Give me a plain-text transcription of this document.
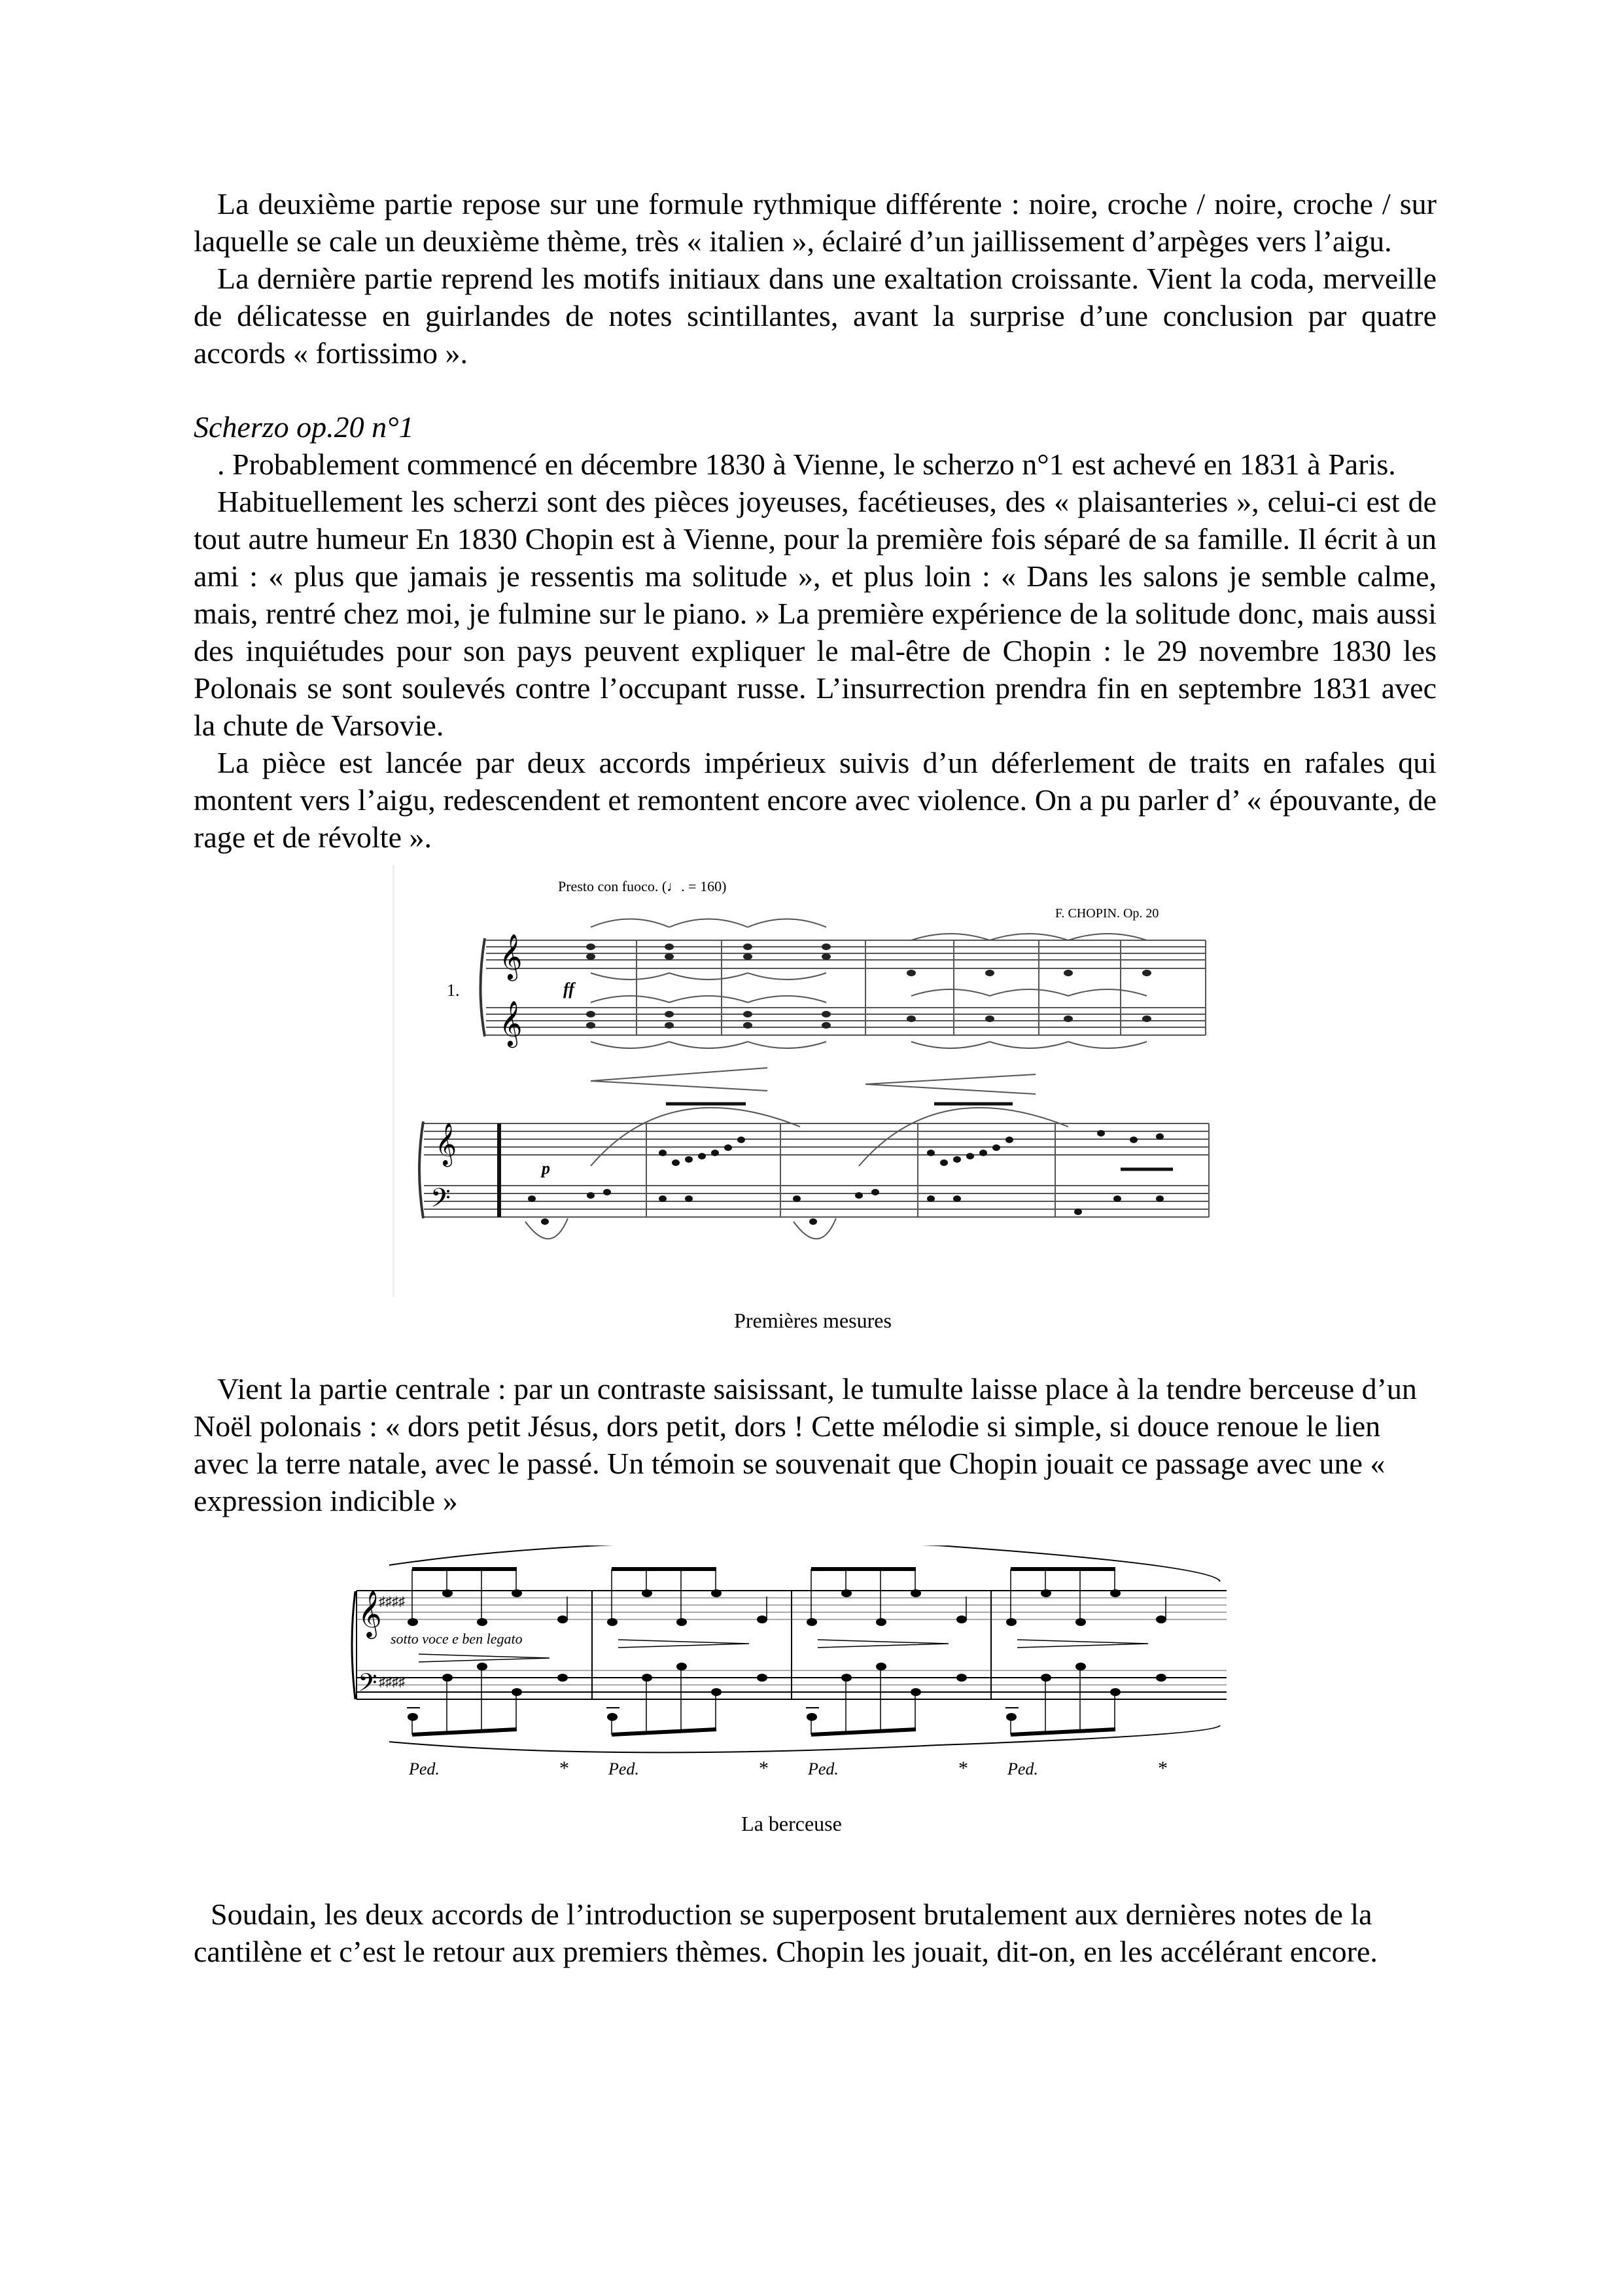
La deuxième partie repose sur une formule rythmique différente : noire, croche / noire, croche / sur laquelle se cale un deuxième thème, très « italien », éclairé d’un jaillissement d’arpèges vers l’aigu.

La dernière partie reprend les motifs initiaux dans une exaltation croissante. Vient la coda, merveille de délicatesse en guirlandes de notes scintillantes, avant la surprise d’une conclusion par quatre accords « fortissimo ».

Scherzo op.20 n°1

. Probablement commencé en décembre 1830 à Vienne, le scherzo n°1 est achevé en 1831 à Paris.

Habituellement les scherzi sont des pièces joyeuses, facétieuses, des « plaisanteries », celui-ci est de tout autre humeur En 1830 Chopin est à Vienne, pour la première fois séparé de sa famille. Il écrit à un ami : « plus que jamais je ressentis ma solitude », et plus loin : « Dans les salons je semble calme, mais, rentré chez moi, je fulmine sur le piano. » La première expérience de la solitude donc, mais aussi des inquiétudes pour son pays peuvent expliquer le mal-être de Chopin : le 29 novembre 1830 les Polonais se sont soulevés contre l’occupant russe. L’insurrection prendra fin en septembre 1831 avec la chute de Varsovie.

La pièce est lancée par deux accords impérieux suivis d’un déferlement de traits en rafales qui montent vers l’aigu, redescendent et remontent encore avec violence. On a pu parler d’ « épouvante, de rage et de révolte ».

𝄞
𝄞
1.
Presto con fuoco. (♩. = 160)
F. CHOPIN. Op. 20
ff
𝄞
𝄢
p

Premières mesures

Vient la partie centrale : par un contraste saisissant, le tumulte laisse place à la tendre berceuse d’un Noël polonais : « dors petit Jésus, dors petit, dors ! Cette mélodie si simple, si douce renoue le lien avec la terre natale, avec le passé. Un témoin se souvenait que Chopin jouait ce passage avec une « expression indicible »

𝄞
𝄢
♯♯♯♯
♯♯♯♯
sotto voce e ben legato
Ped.	* Ped.	* Ped.	* Ped.	*

La berceuse

Soudain, les deux accords de l’introduction se superposent brutalement aux dernières notes de la cantilène et c’est le retour aux premiers thèmes. Chopin les jouait, dit-on, en les accélérant encore.
